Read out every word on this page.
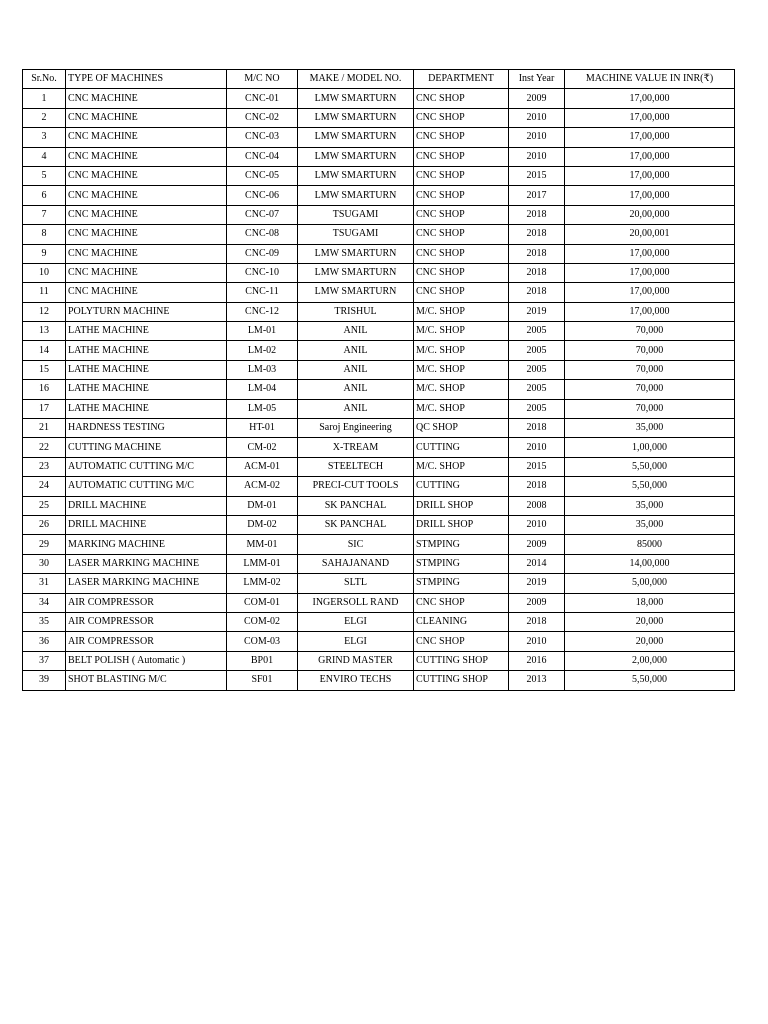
Sr.No.	TYPE OF MACHINES	M/C NO	MAKE / MODEL NO.	DEPARTMENT	Inst Year	MACHINE VALUE IN INR(₹)
1	CNC MACHINE	CNC-01	LMW SMARTURN	CNC SHOP	2009	17,00,000
2	CNC MACHINE	CNC-02	LMW SMARTURN	CNC SHOP	2010	17,00,000
3	CNC MACHINE	CNC-03	LMW SMARTURN	CNC SHOP	2010	17,00,000
4	CNC MACHINE	CNC-04	LMW SMARTURN	CNC SHOP	2010	17,00,000
5	CNC MACHINE	CNC-05	LMW SMARTURN	CNC SHOP	2015	17,00,000
6	CNC MACHINE	CNC-06	LMW SMARTURN	CNC SHOP	2017	17,00,000
7	CNC MACHINE	CNC-07	TSUGAMI	CNC SHOP	2018	20,00,000
8	CNC MACHINE	CNC-08	TSUGAMI	CNC SHOP	2018	20,00,001
9	CNC MACHINE	CNC-09	LMW SMARTURN	CNC SHOP	2018	17,00,000
10	CNC MACHINE	CNC-10	LMW SMARTURN	CNC SHOP	2018	17,00,000
11	CNC MACHINE	CNC-11	LMW SMARTURN	CNC SHOP	2018	17,00,000
12	POLYTURN MACHINE	CNC-12	TRISHUL	M/C. SHOP	2019	17,00,000
13	LATHE MACHINE	LM-01	ANIL	M/C. SHOP	2005	70,000
14	LATHE MACHINE	LM-02	ANIL	M/C. SHOP	2005	70,000
15	LATHE MACHINE	LM-03	ANIL	M/C. SHOP	2005	70,000
16	LATHE MACHINE	LM-04	ANIL	M/C. SHOP	2005	70,000
17	LATHE MACHINE	LM-05	ANIL	M/C. SHOP	2005	70,000
21	HARDNESS TESTING	HT-01	Saroj Engineering	QC SHOP	2018	35,000
22	CUTTING MACHINE	CM-02	X-TREAM	CUTTING	2010	1,00,000
23	AUTOMATIC CUTTING M/C	ACM-01	STEELTECH	M/C. SHOP	2015	5,50,000
24	AUTOMATIC CUTTING M/C	ACM-02	PRECI-CUT TOOLS	CUTTING	2018	5,50,000
25	DRILL MACHINE	DM-01	SK PANCHAL	DRILL SHOP	2008	35,000
26	DRILL MACHINE	DM-02	SK PANCHAL	DRILL SHOP	2010	35,000
29	MARKING MACHINE	MM-01	SIC	STMPING	2009	85000
30	LASER MARKING MACHINE	LMM-01	SAHAJANAND	STMPING	2014	14,00,000
31	LASER MARKING MACHINE	LMM-02	SLTL	STMPING	2019	5,00,000
34	AIR COMPRESSOR	COM-01	INGERSOLL RAND	CNC SHOP	2009	18,000
35	AIR COMPRESSOR	COM-02	ELGI	CLEANING	2018	20,000
36	AIR COMPRESSOR	COM-03	ELGI	CNC SHOP	2010	20,000
37	BELT POLISH ( Automatic )	BP01	GRIND MASTER	CUTTING SHOP	2016	2,00,000
39	SHOT BLASTING M/C	SF01	ENVIRO TECHS	CUTTING SHOP	2013	5,50,000
